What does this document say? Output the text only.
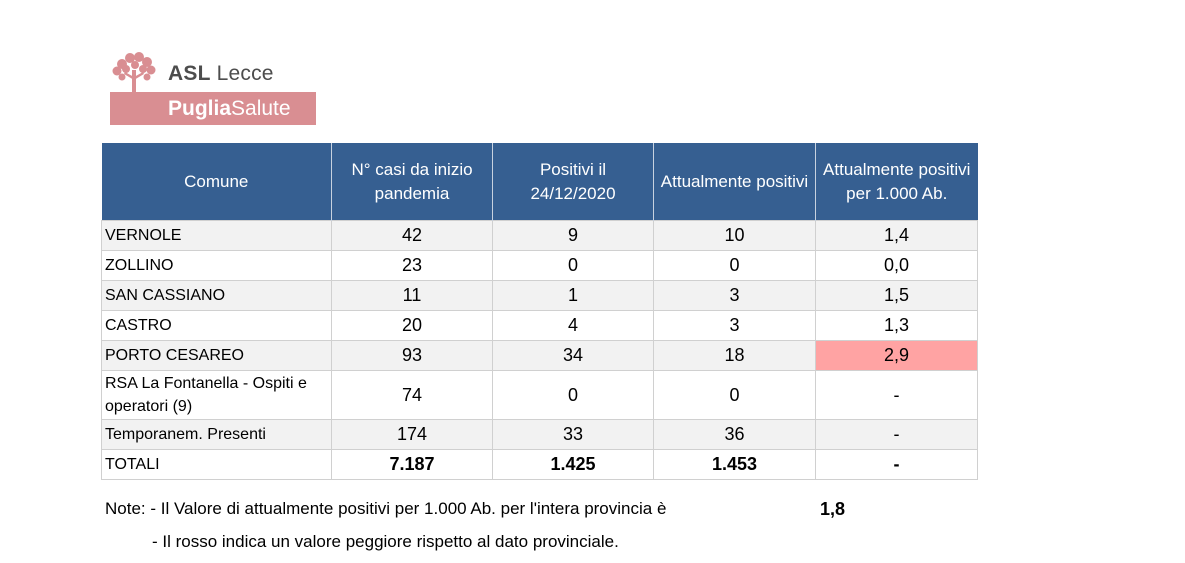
ASL Lecce
Puglia Salute
Comune	N° casi da inizio pandemia	Positivi il 24/12/2020	Attualmente positivi	Attualmente positivi per 1.000 Ab.
VERNOLE	42	9	10	1,4
ZOLLINO	23	0	0	0,0
SAN CASSIANO	11	1	3	1,5
CASTRO	20	4	3	1,3
PORTO CESAREO	93	34	18	2,9
RSA La Fontanella - Ospiti e operatori (9)	74	0	0	-
Temporanem. Presenti	174	33	36	-
TOTALI	7.187	1.425	1.453	-
Note: - Il Valore di attualmente positivi per 1.000 Ab. per l'intera provincia è	1,8
- Il rosso indica un valore peggiore rispetto al dato provinciale.
